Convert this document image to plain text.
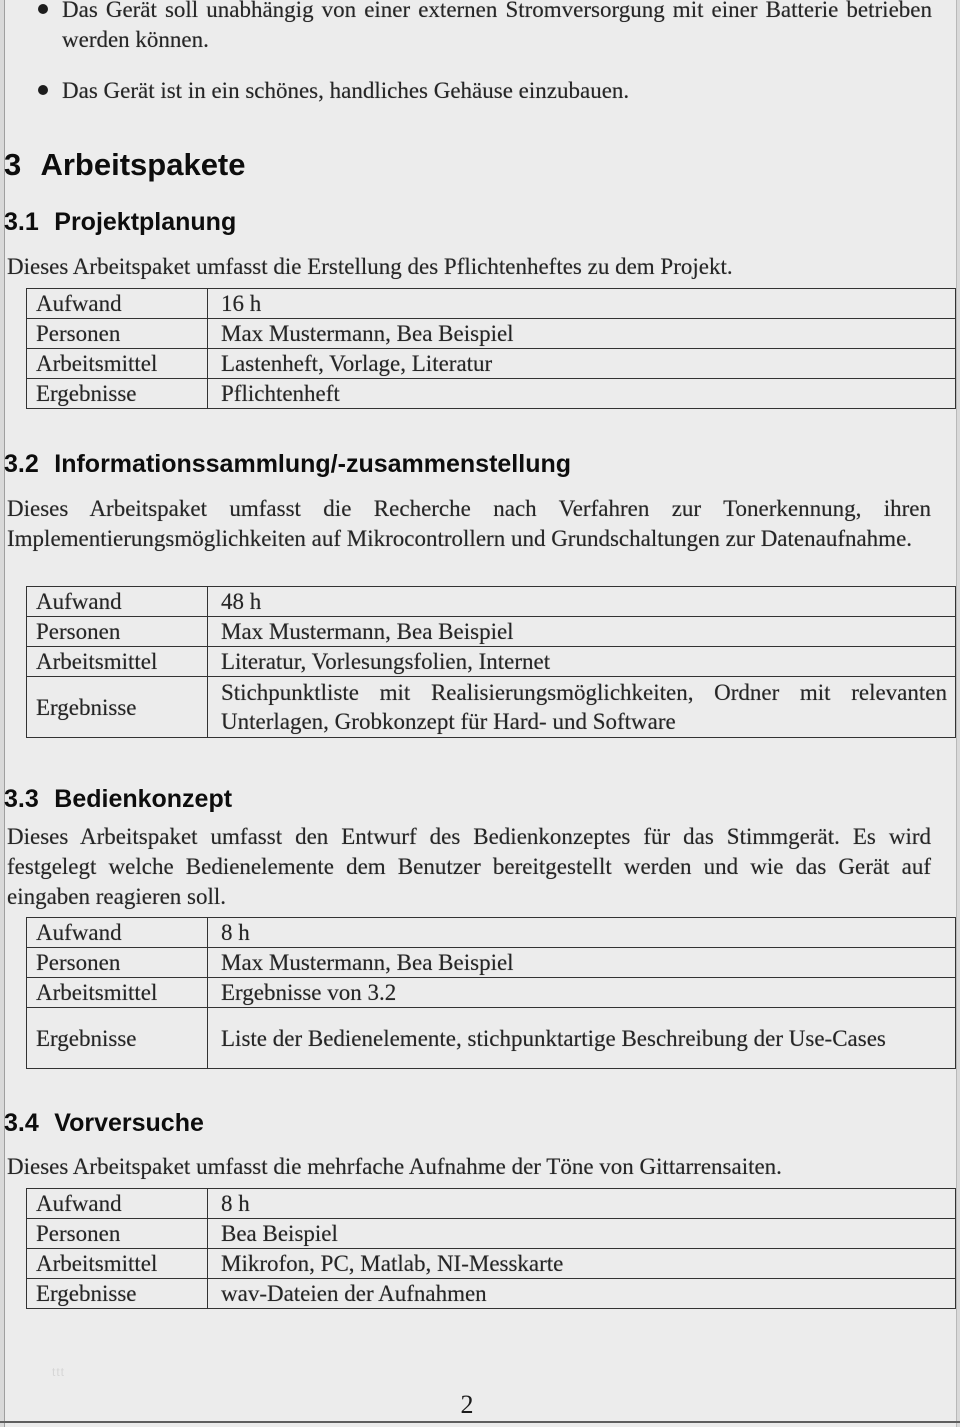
Das Gerät soll unabhängig von einer externen Stromversorgung mit einer Batterie betrieben werden können.
Das Gerät ist in ein schönes, handliches Gehäuse einzubauen.
3 Arbeitspakete
3.1 Projektplanung

Dieses Arbeitspaket umfasst die Erstellung des Pflichtenheftes zu dem Projekt.

Aufwand	16 h
Personen	Max Mustermann, Bea Beispiel
Arbeitsmittel	Lastenheft, Vorlage, Literatur
Ergebnisse	Pflichtenheft
3.2 Informationssammlung/-zusammenstellung

Dieses Arbeitspaket umfasst die Recherche nach Verfahren zur Tonerkennung, ihren Implementierungsmöglichkeiten auf Mikrocontrollern und Grundschaltungen zur Datenaufnahme.

Aufwand	48 h
Personen	Max Mustermann, Bea Beispiel
Arbeitsmittel	Literatur, Vorlesungsfolien, Internet
Ergebnisse	Stichpunktliste mit Realisierungsmöglichkeiten, Ordner mit relevanten Unterlagen, Grobkonzept für Hard- und Software
3.3 Bedienkonzept

Dieses Arbeitspaket umfasst den Entwurf des Bedienkonzeptes für das Stimmgerät. Es wird festgelegt welche Bedienelemente dem Benutzer bereitgestellt werden und wie das Gerät auf eingaben reagieren soll.

Aufwand	8 h
Personen	Max Mustermann, Bea Beispiel
Arbeitsmittel	Ergebnisse von 3.2
Ergebnisse	Liste der Bedienelemente, stichpunktartige Beschreibung der Use-Cases
3.4 Vorversuche

Dieses Arbeitspaket umfasst die mehrfache Aufnahme der Töne von Gittarrensaiten.

Aufwand	8 h
Personen	Bea Beispiel
Arbeitsmittel	Mikrofon, PC, Matlab, NI-Messkarte
Ergebnisse	wav-Dateien der Aufnahmen
ttt
2
